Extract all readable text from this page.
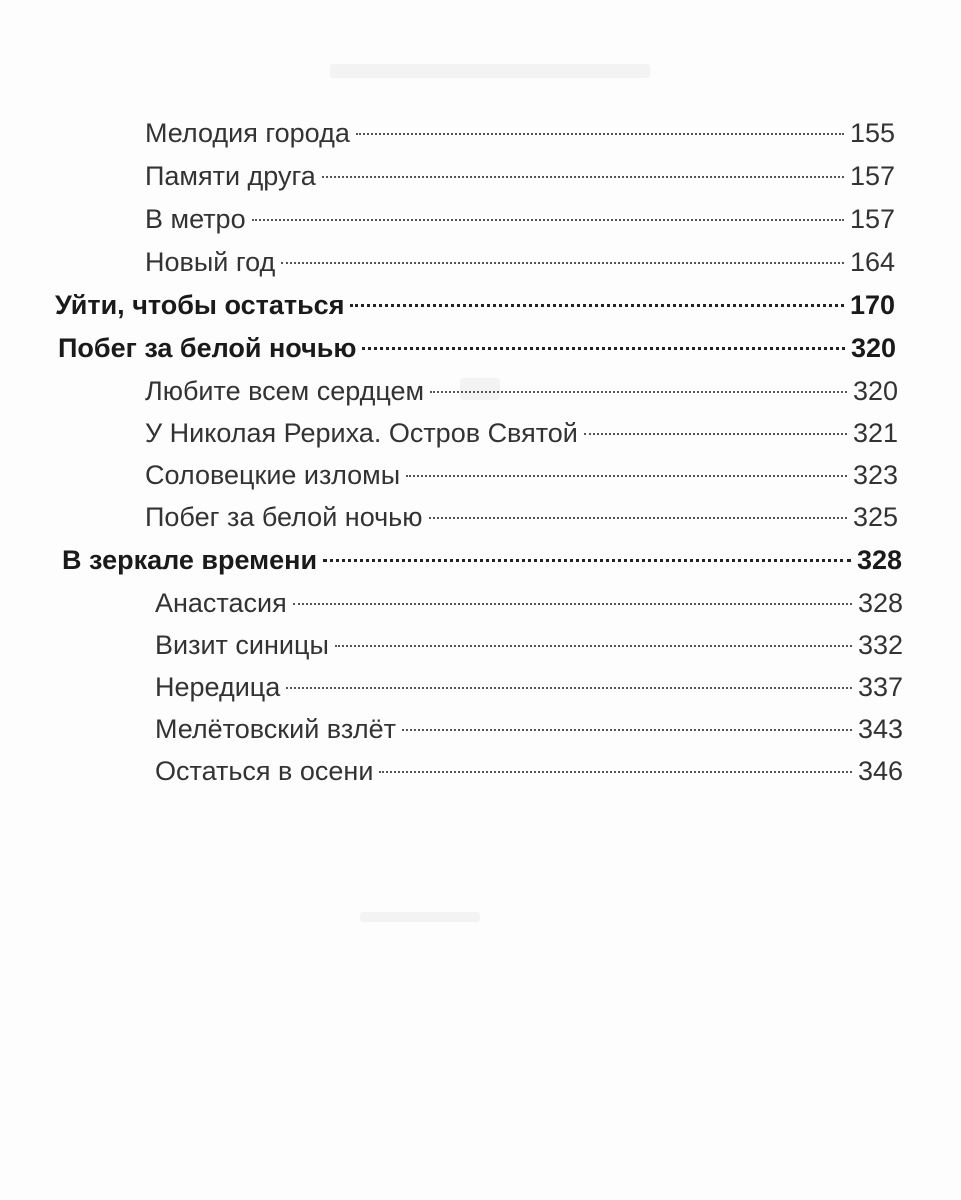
Мелодия города	155
Памяти друга	157
В метро	157
Новый год	164
Уйти, чтобы остаться	170
Побег за белой ночью	320
Любите всем сердцем	320
У Николая Рериха. Остров Святой	321
Соловецкие изломы	323
Побег за белой ночью	325
В зеркале времени	328
Анастасия	328
Визит синицы	332
Нередица	337
Мелётовский взлёт	343
Остаться в осени	346
